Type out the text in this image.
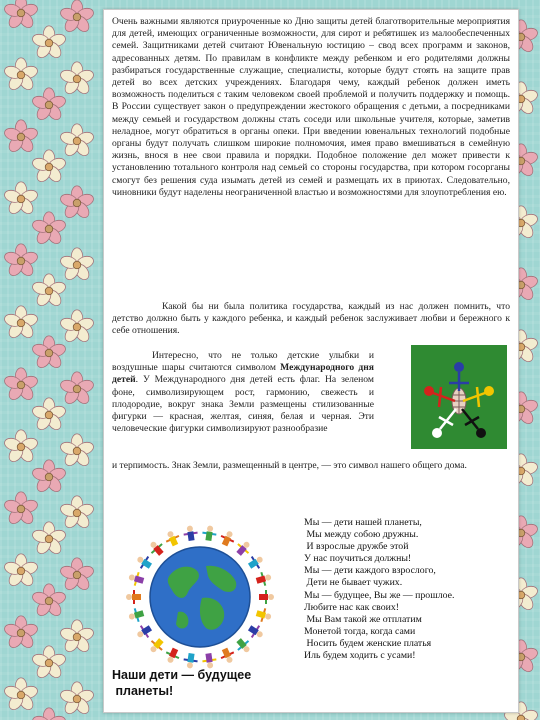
Очень важными являются приуроченные ко Дню защиты детей благотворительные мероприятия для детей, имеющих ограниченные возможности, для сирот и ребятишек из малообеспеченных семей. Защитниками детей считают Ювенальную юстицию – свод всех программ и законов, адресованных детям. По правилам в конфликте между ребенком и его родителями должны разбираться государственные служащие, специалисты, которые будут стоять на защите прав детей во всех детских учреждениях. Благодаря чему, каждый ребенок должен иметь возможность поделиться с таким человеком своей проблемой и получить поддержку и помощь. В России существует закон о предупреждении жестокого обращения с детьми, а посредниками между семьей и государством должны стать соседи или школьные учителя, которые, заметив неладное, могут обратиться в органы опеки. При введении ювенальных технологий подобные органы будут получать слишком широкие полномочия, имея право вмешиваться в семейную жизнь, внося в нее свои правила и порядки. Подобное положение дел может привести к установлению тотального контроля над семьей со стороны государства, при котором госорганы смогут без решения суда изымать детей из семей и размещать их в приютах. Следовательно, чиновники будут наделены неограниченной властью и возможностями для злоупотребления ею.

Какой бы ни была политика государства, каждый из нас должен помнить, что детство должно быть у каждого ребенка, и каждый ребенок заслуживает любви и бережного к себе отношения.

Интересно, что не только детские улыбки и воздушные шары считаются символом Международного дня детей. У Международного дня детей есть флаг. На зеленом фоне, символизирующем рост, гармонию, свежесть и плодородие, вокруг знака Земли размещены стилизованные фигурки — красная, желтая, синяя, белая и черная. Эти человеческие фигурки символизируют разнообразие

и терпимость. Знак Земли, размещенный в центре, — это символ нашего общего дома.

Мы — дети нашей планеты,
Мы между собою дружны.
И взрослые дружбе этой
У нас поучиться должны!
Мы — дети каждого взрослого,
Дети не бывает чужих.
Мы — будущее, Вы же — прошлое.
Любите нас как своих!
Мы Вам такой же отплатим
Монетой тогда, когда сами
Носить будем женские платья
Иль будем ходить с усами!
Наши дети — будущее
планеты!
